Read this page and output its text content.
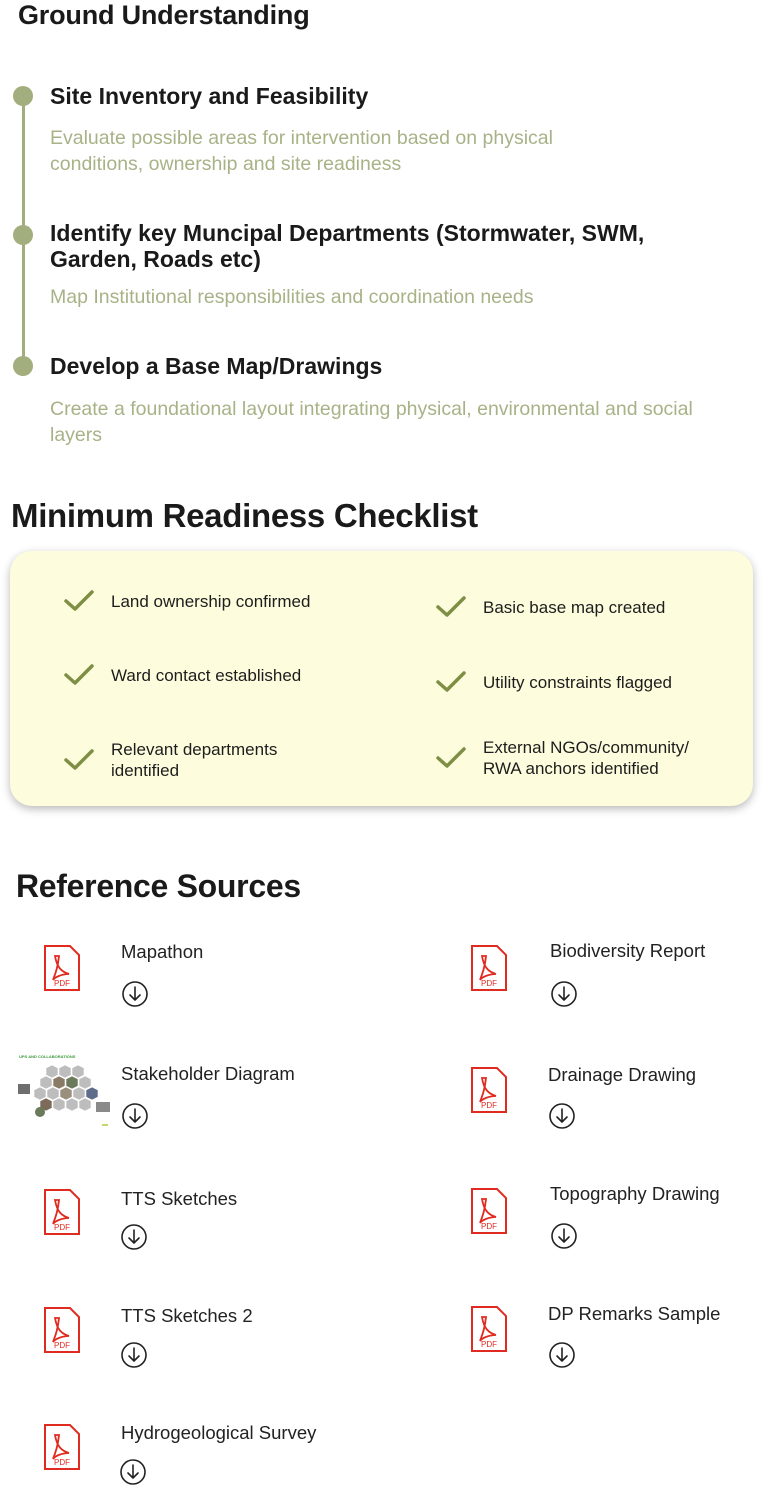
Ground Understanding
Site Inventory and Feasibility

Evaluate possible areas for intervention based on physical conditions, ownership and site readiness

Identify key Muncipal Departments (Stormwater, SWM, Garden, Roads etc)

Map Institutional responsibilities and coordination needs

Develop a Base Map/Drawings

Create a foundational layout integrating physical, environmental and social layers

Minimum Readiness Checklist
Land ownership confirmed	Basic base map created
Ward contact established	Utility constraints flagged
Relevant departments identified
External NGOs/community/ RWA anchors identified
Reference Sources
PDF
Mapathon
PDF
Biodiversity Report
UPS AND COLLABORATIONS
Stakeholder Diagram
PDF
Drainage Drawing
PDF
TTS Sketches
PDF
Topography Drawing
PDF
TTS Sketches 2
PDF
DP Remarks Sample
PDF
Hydrogeological Survey
